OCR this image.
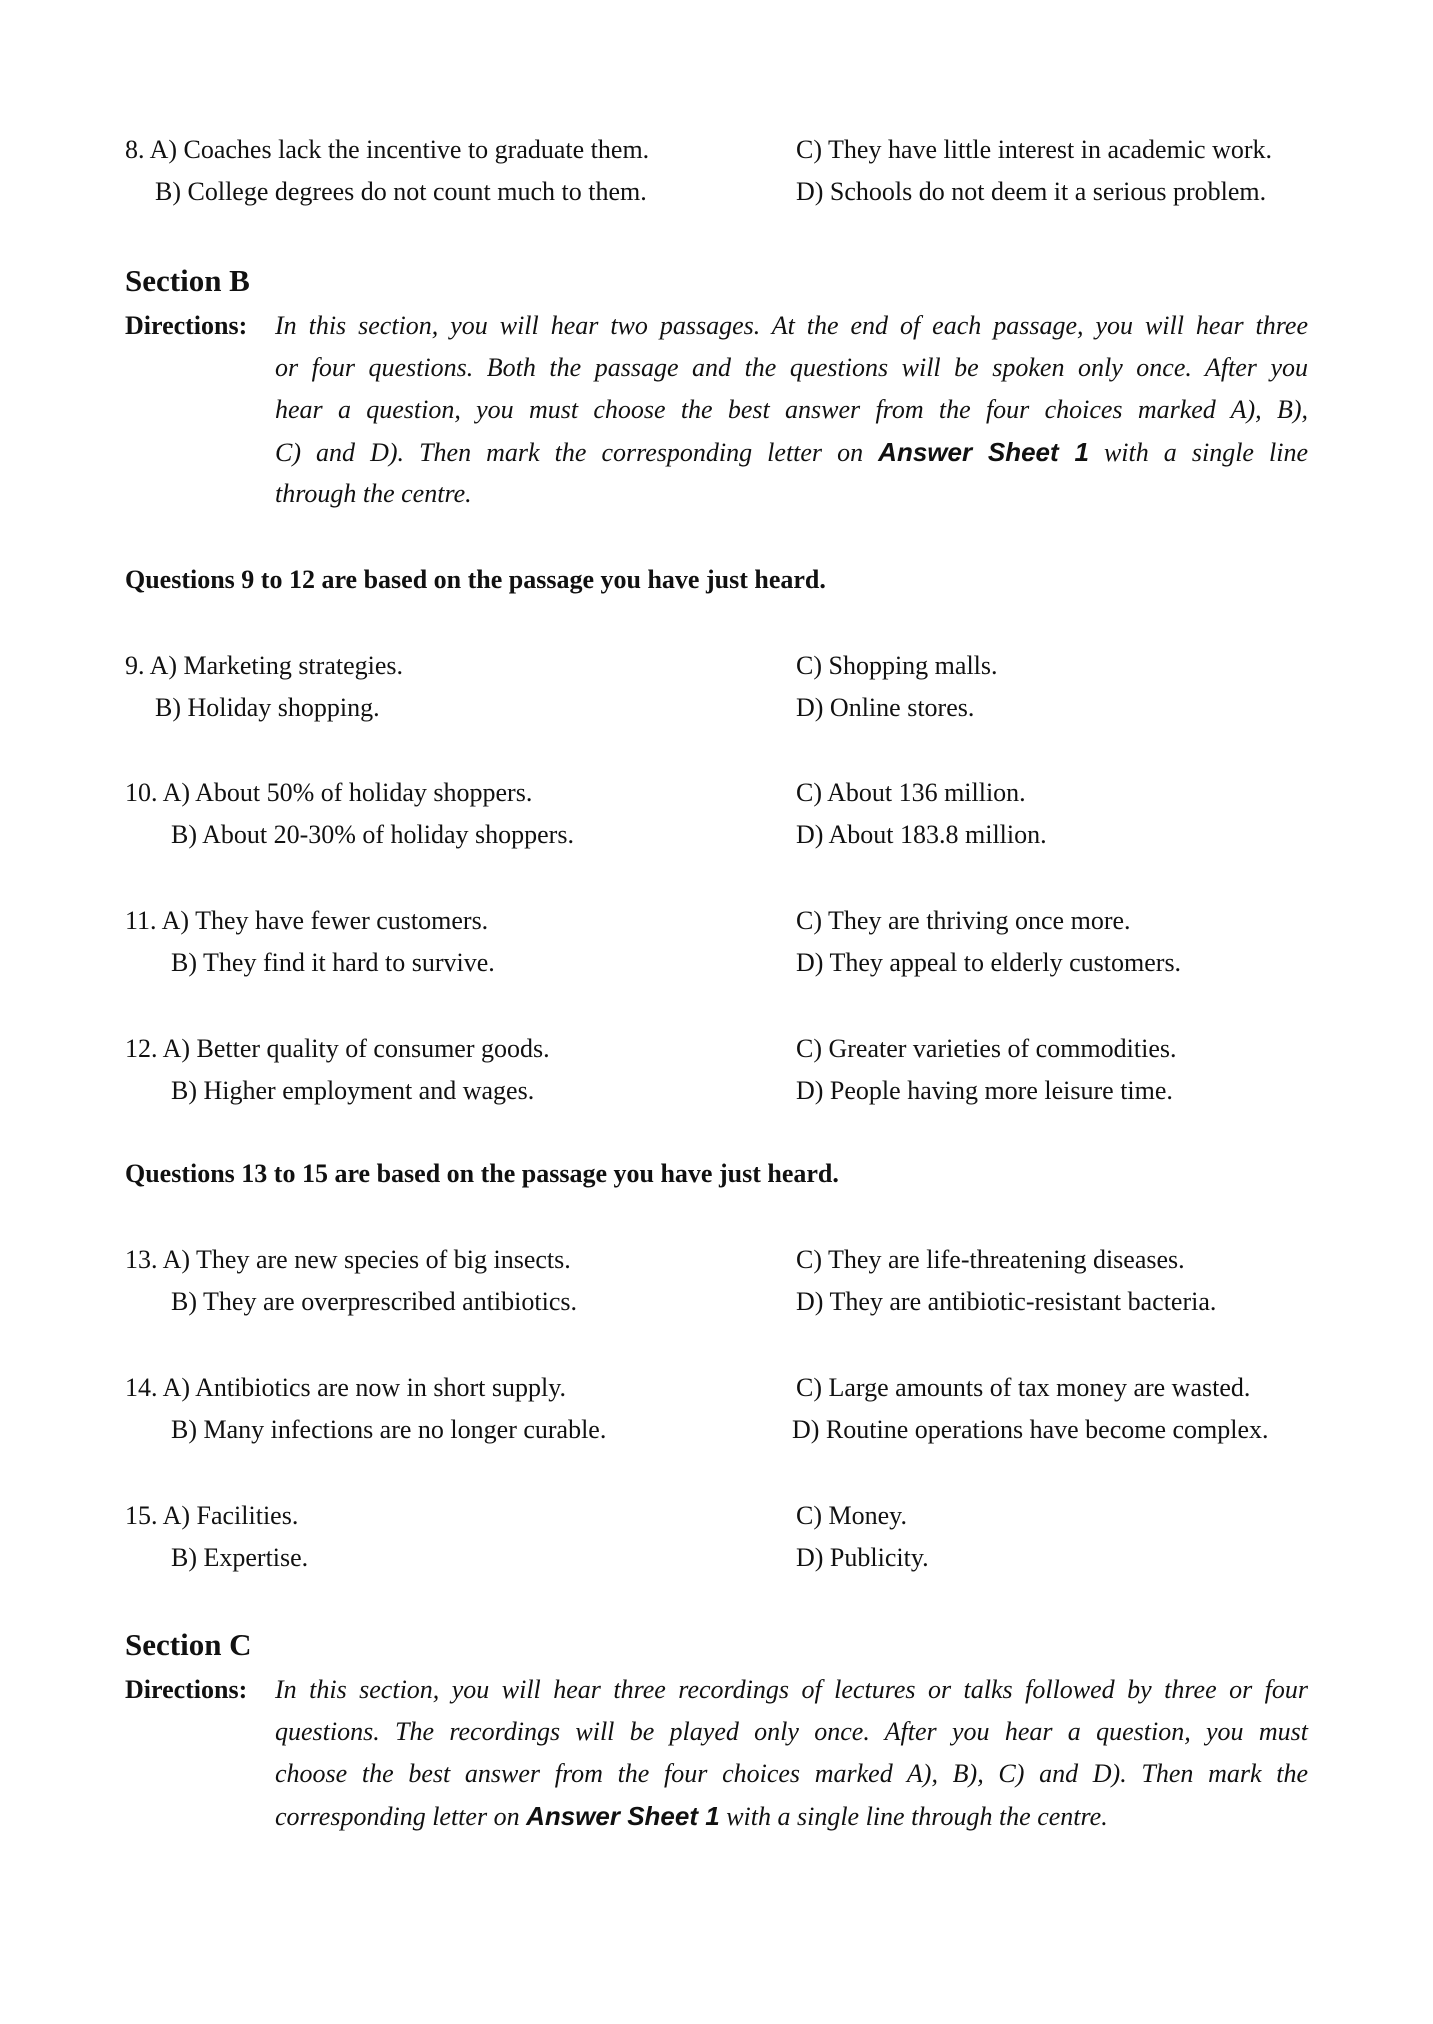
8. A) Coaches lack the incentive to graduate them.
B) College degrees do not count much to them.
C) They have little interest in academic work.
D) Schools do not deem it a serious problem.
Section B
Directions: In this section, you will hear two passages. At the end of each passage, you will hear three
or four questions. Both the passage and the questions will be spoken only once. After you
hear a question, you must choose the best answer from the four choices marked A), B),
C) and D). Then mark the corresponding letter on Answer Sheet 1 with a single line
through the centre.
Questions 9 to 12 are based on the passage you have just heard.
9. A) Marketing strategies.
B) Holiday shopping.
C) Shopping malls.
D) Online stores.
10. A) About 50% of holiday shoppers.
B) About 20-30% of holiday shoppers.
C) About 136 million.
D) About 183.8 million.
11. A) They have fewer customers.
B) They find it hard to survive.
C) They are thriving once more.
D) They appeal to elderly customers.
12. A) Better quality of consumer goods.
B) Higher employment and wages.
C) Greater varieties of commodities.
D) People having more leisure time.
Questions 13 to 15 are based on the passage you have just heard.
13. A) They are new species of big insects.
B) They are overprescribed antibiotics.
C) They are life-threatening diseases.
D) They are antibiotic-resistant bacteria.
14. A) Antibiotics are now in short supply.
B) Many infections are no longer curable.
C) Large amounts of tax money are wasted.
D) Routine operations have become complex.
15. A) Facilities.
B) Expertise.
C) Money.
D) Publicity.
Section C
Directions: In this section, you will hear three recordings of lectures or talks followed by three or four
questions. The recordings will be played only once. After you hear a question, you must
choose the best answer from the four choices marked A), B), C) and D). Then mark the
corresponding letter on Answer Sheet 1 with a single line through the centre.
